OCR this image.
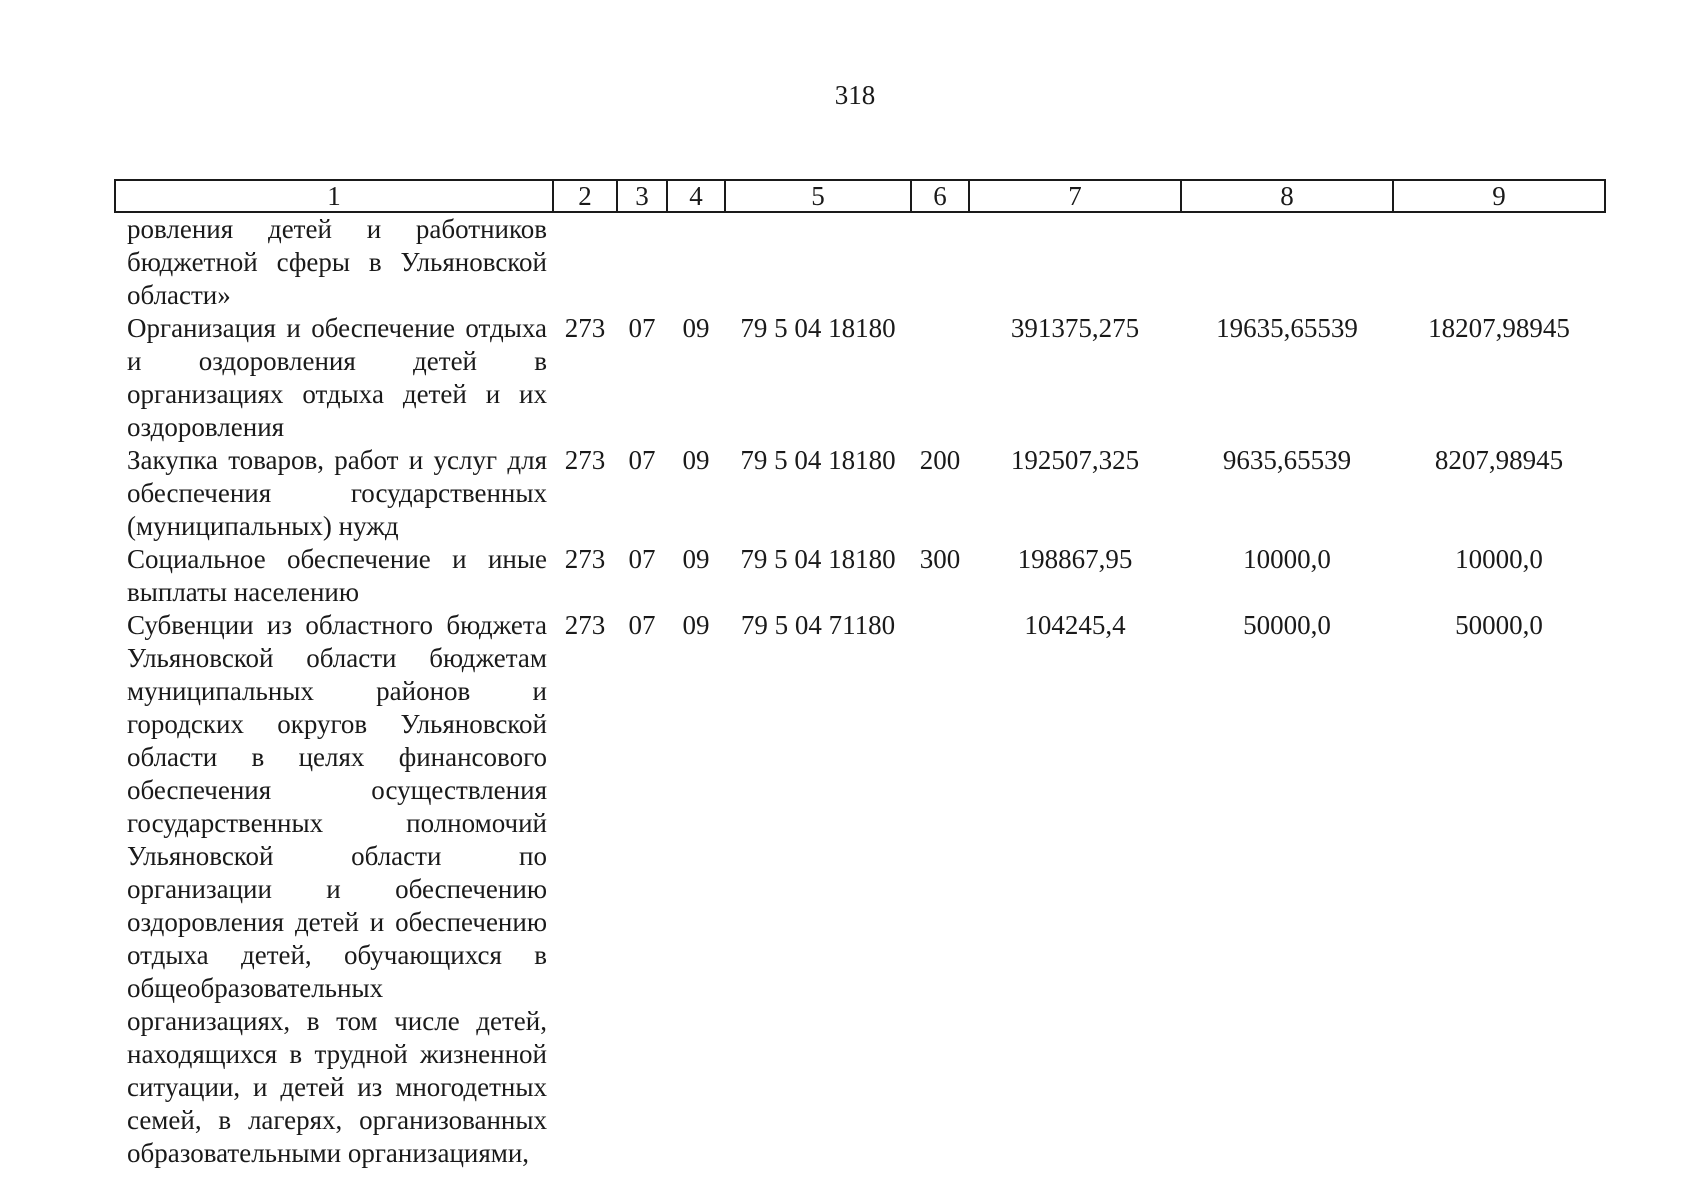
318
1	2	3	4	5	6	7	8	9
ровления детей и работников бюджетной сферы в Ульяновской области»								
Организация и обеспечение отдыха и оздоровления детей в организациях отдыха детей и их оздоровления	273	07	09	79 5 04 18180		391375,275	19635,65539	18207,98945
Закупка товаров, работ и услуг для обеспечения государственных (муниципальных) нужд	273	07	09	79 5 04 18180	200	192507,325	9635,65539	8207,98945
Социальное обеспечение и иные выплаты населению	273	07	09	79 5 04 18180	300	198867,95	10000,0	10000,0
Субвенции из областного бюджета Ульяновской области бюджетам муниципальных районов и городских округов Ульяновской области в целях финансового обеспечения осуществления государственных полномочий Ульяновской области по организации и обеспечению оздоровления детей и обеспечению отдыха детей, обучающихся в общеобразовательных организациях, в том числе детей, находящихся в трудной жизненной ситуации, и детей из многодетных семей, в лагерях, организованных образовательными организациями,	273	07	09	79 5 04 71180		104245,4	50000,0	50000,0
